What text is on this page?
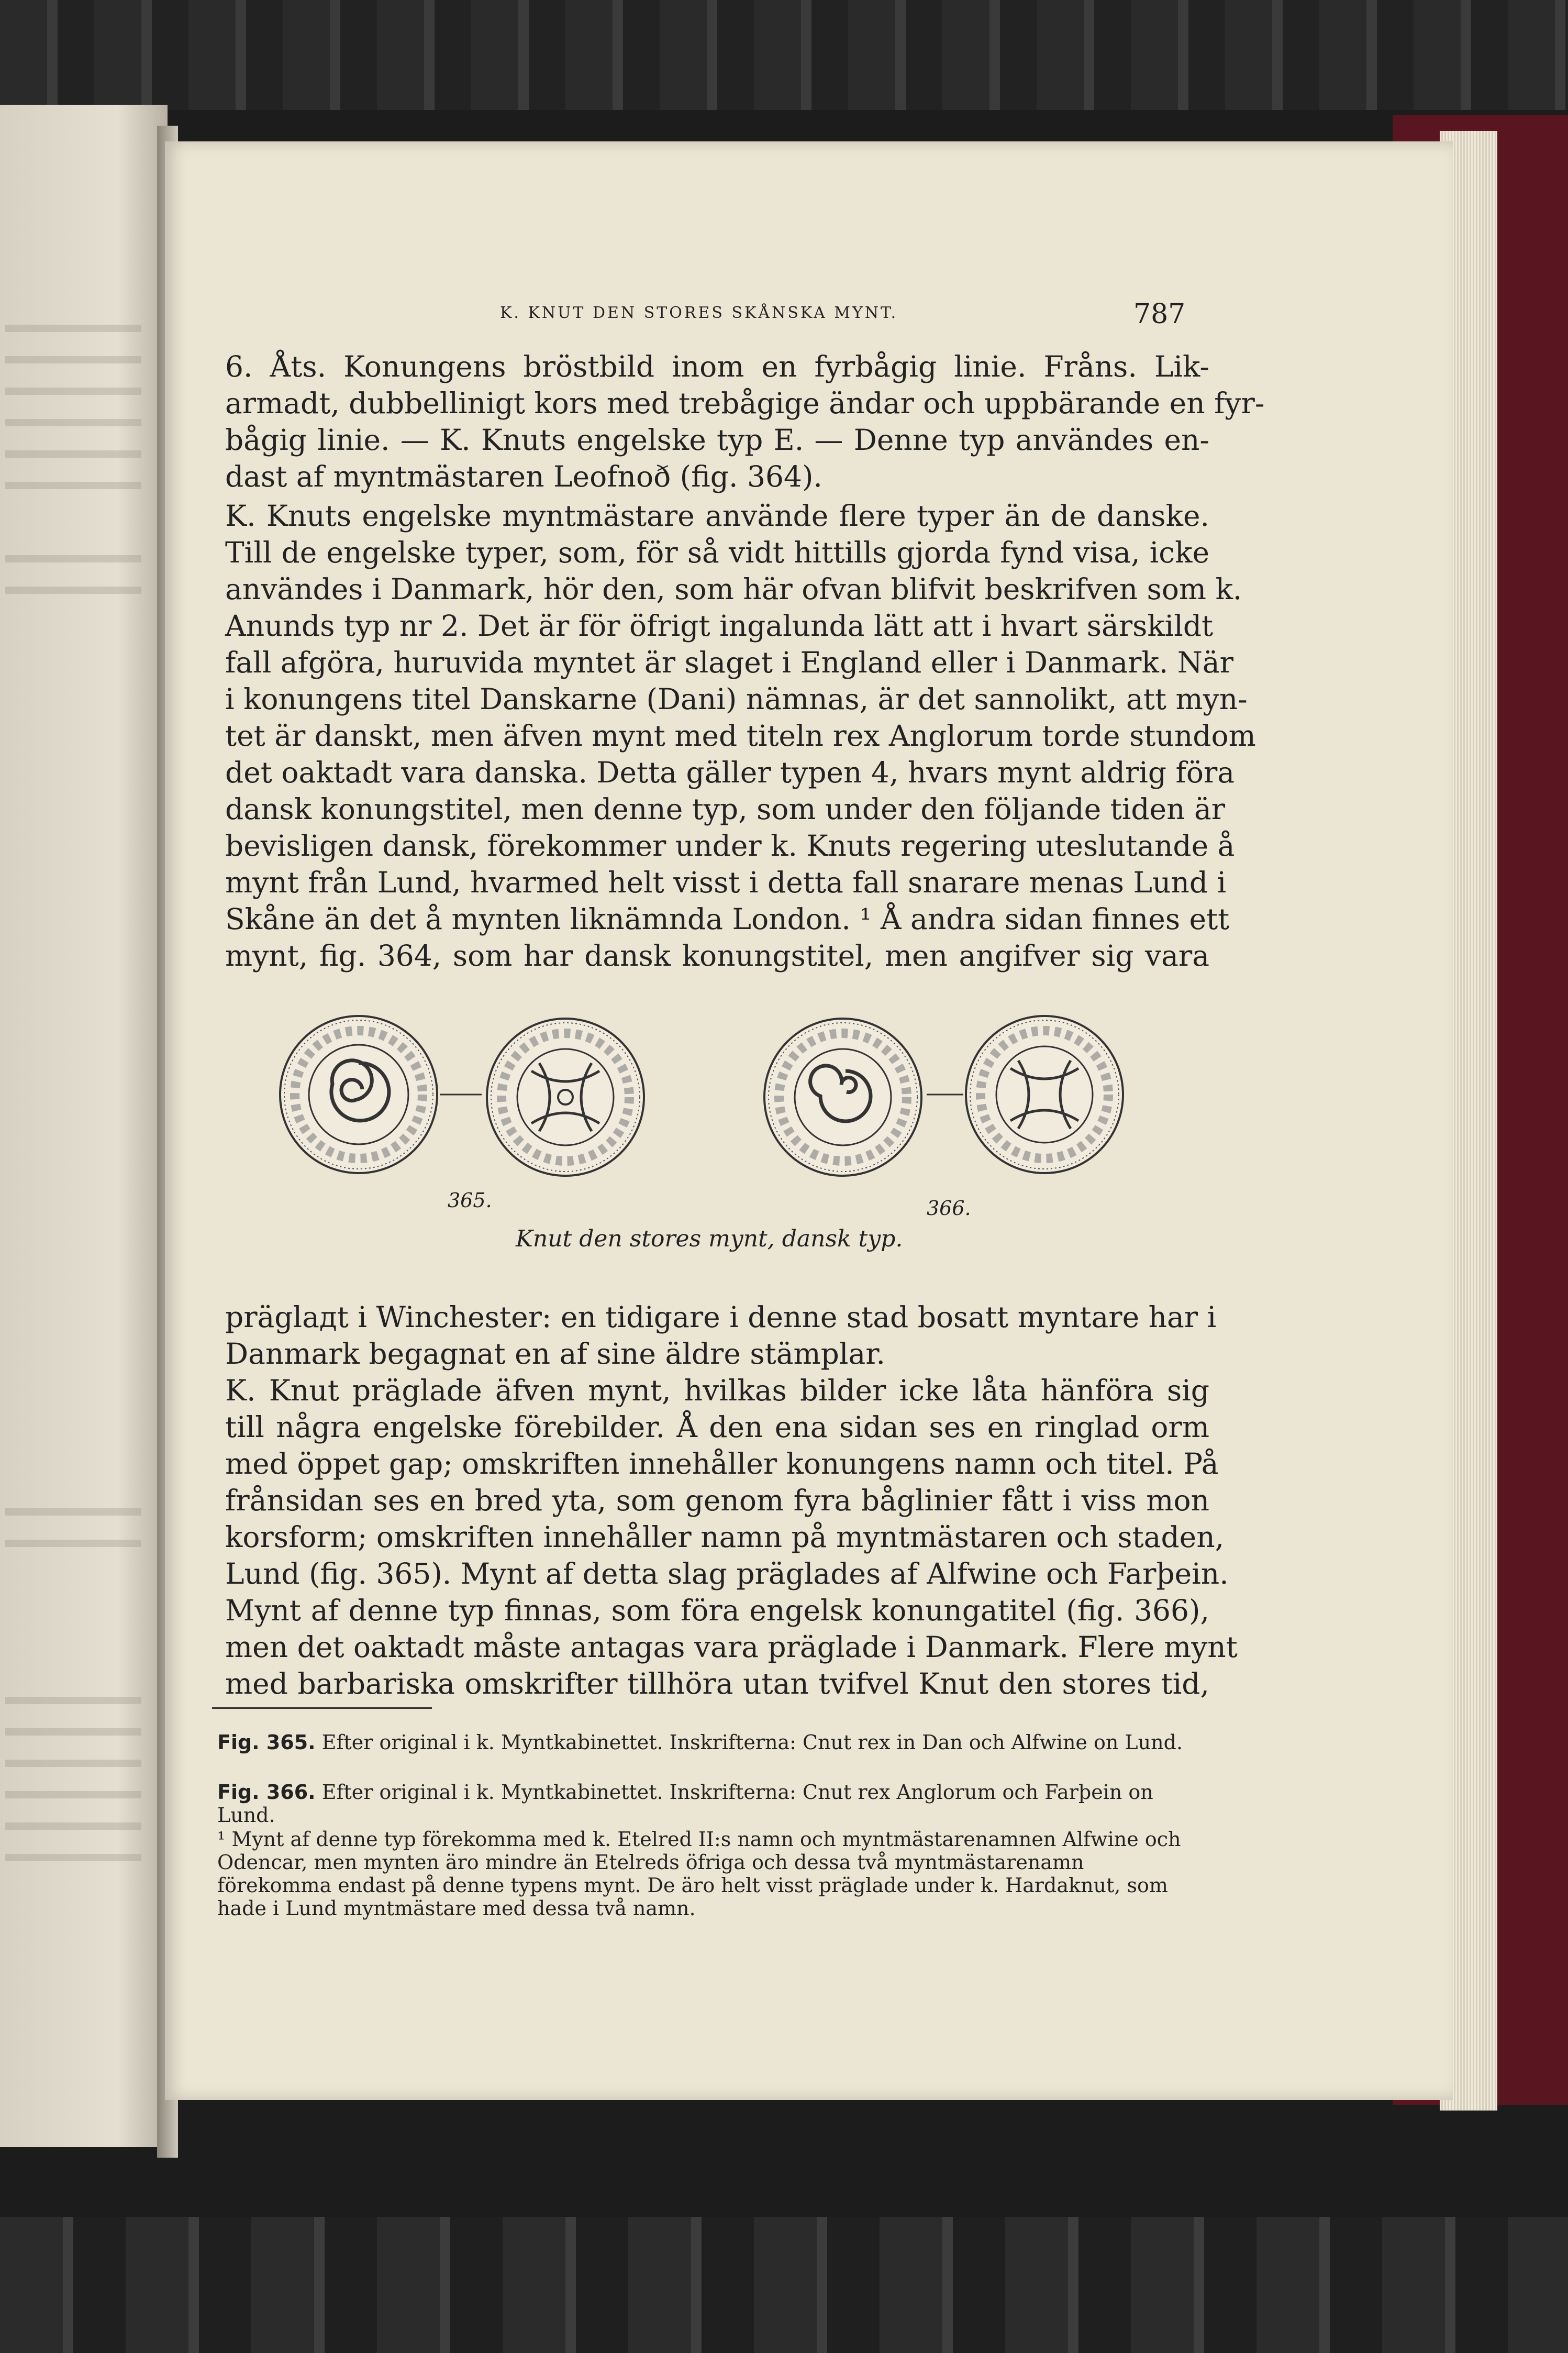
K. KNUT DEN STORES SKÅNSKA MYNT.	787
6. Åts. Konungens bröstbild inom en fyrbågig linie. Fråns. Lik-
armadt, dubbellinigt kors med trebågige ändar och uppbärande en fyr-
bågig linie. — K. Knuts engelske typ E. — Denne typ användes en-
dast af myntmästaren Leofnoð (fig. 364).
K. Knuts engelske myntmästare använde flere typer än de danske.
Till de engelske typer, som, för så vidt hittills gjorda fynd visa, icke
användes i Danmark, hör den, som här ofvan blifvit beskrifven som k.
Anunds typ nr 2. Det är för öfrigt ingalunda lätt att i hvart särskildt
fall afgöra, huruvida myntet är slaget i England eller i Danmark. När
i konungens titel Danskarne (Dani) nämnas, är det sannolikt, att myn-
tet är danskt, men äfven mynt med titeln rex Anglorum torde stundom
det oaktadt vara danska. Detta gäller typen 4, hvars mynt aldrig föra
dansk konungstitel, men denne typ, som under den följande tiden är
bevisligen dansk, förekommer under k. Knuts regering uteslutande å
mynt från Lund, hvarmed helt visst i detta fall snarare menas Lund i
Skåne än det å mynten liknämnda London. ¹ Å andra sidan finnes ett
mynt, fig. 364, som har dansk konungstitel, men angifver sig vara
365.	366.
Knut den stores mynt, dansk typ.
präglадt i Winchester: en tidigare i denne stad bosatt myntare har i
Danmark begagnat en af sine äldre stämplar.
K. Knut präglade äfven mynt, hvilkas bilder icke låta hänföra sig
till några engelske förebilder. Å den ena sidan ses en ringlad orm
med öppet gap; omskriften innehåller konungens namn och titel. På
frånsidan ses en bred yta, som genom fyra båglinier fått i viss mon
korsform; omskriften innehåller namn på myntmästaren och staden,
Lund (fig. 365). Mynt af detta slag präglades af Alfwine och Farþein.
Mynt af denne typ finnas, som föra engelsk konungatitel (fig. 366),
men det oaktadt måste antagas vara präglade i Danmark. Flere mynt
med barbariska omskrifter tillhöra utan tvifvel Knut den stores tid,
Fig. 365. Efter original i k. Myntkabinettet. Inskrifterna: Cnut rex in Dan och Alfwine on Lund.
Fig. 366. Efter original i k. Myntkabinettet. Inskrifterna: Cnut rex Anglorum och Farþein on Lund.
¹ Mynt af denne typ förekomma med k. Etelred II:s namn och myntmästarenamnen Alfwine och Odencar, men mynten äro mindre än Etelreds öfriga och dessa två myntmästarenamn förekomma endast på denne typens mynt. De äro helt visst präglade under k. Hardaknut, som hade i Lund myntmästare med dessa två namn.
